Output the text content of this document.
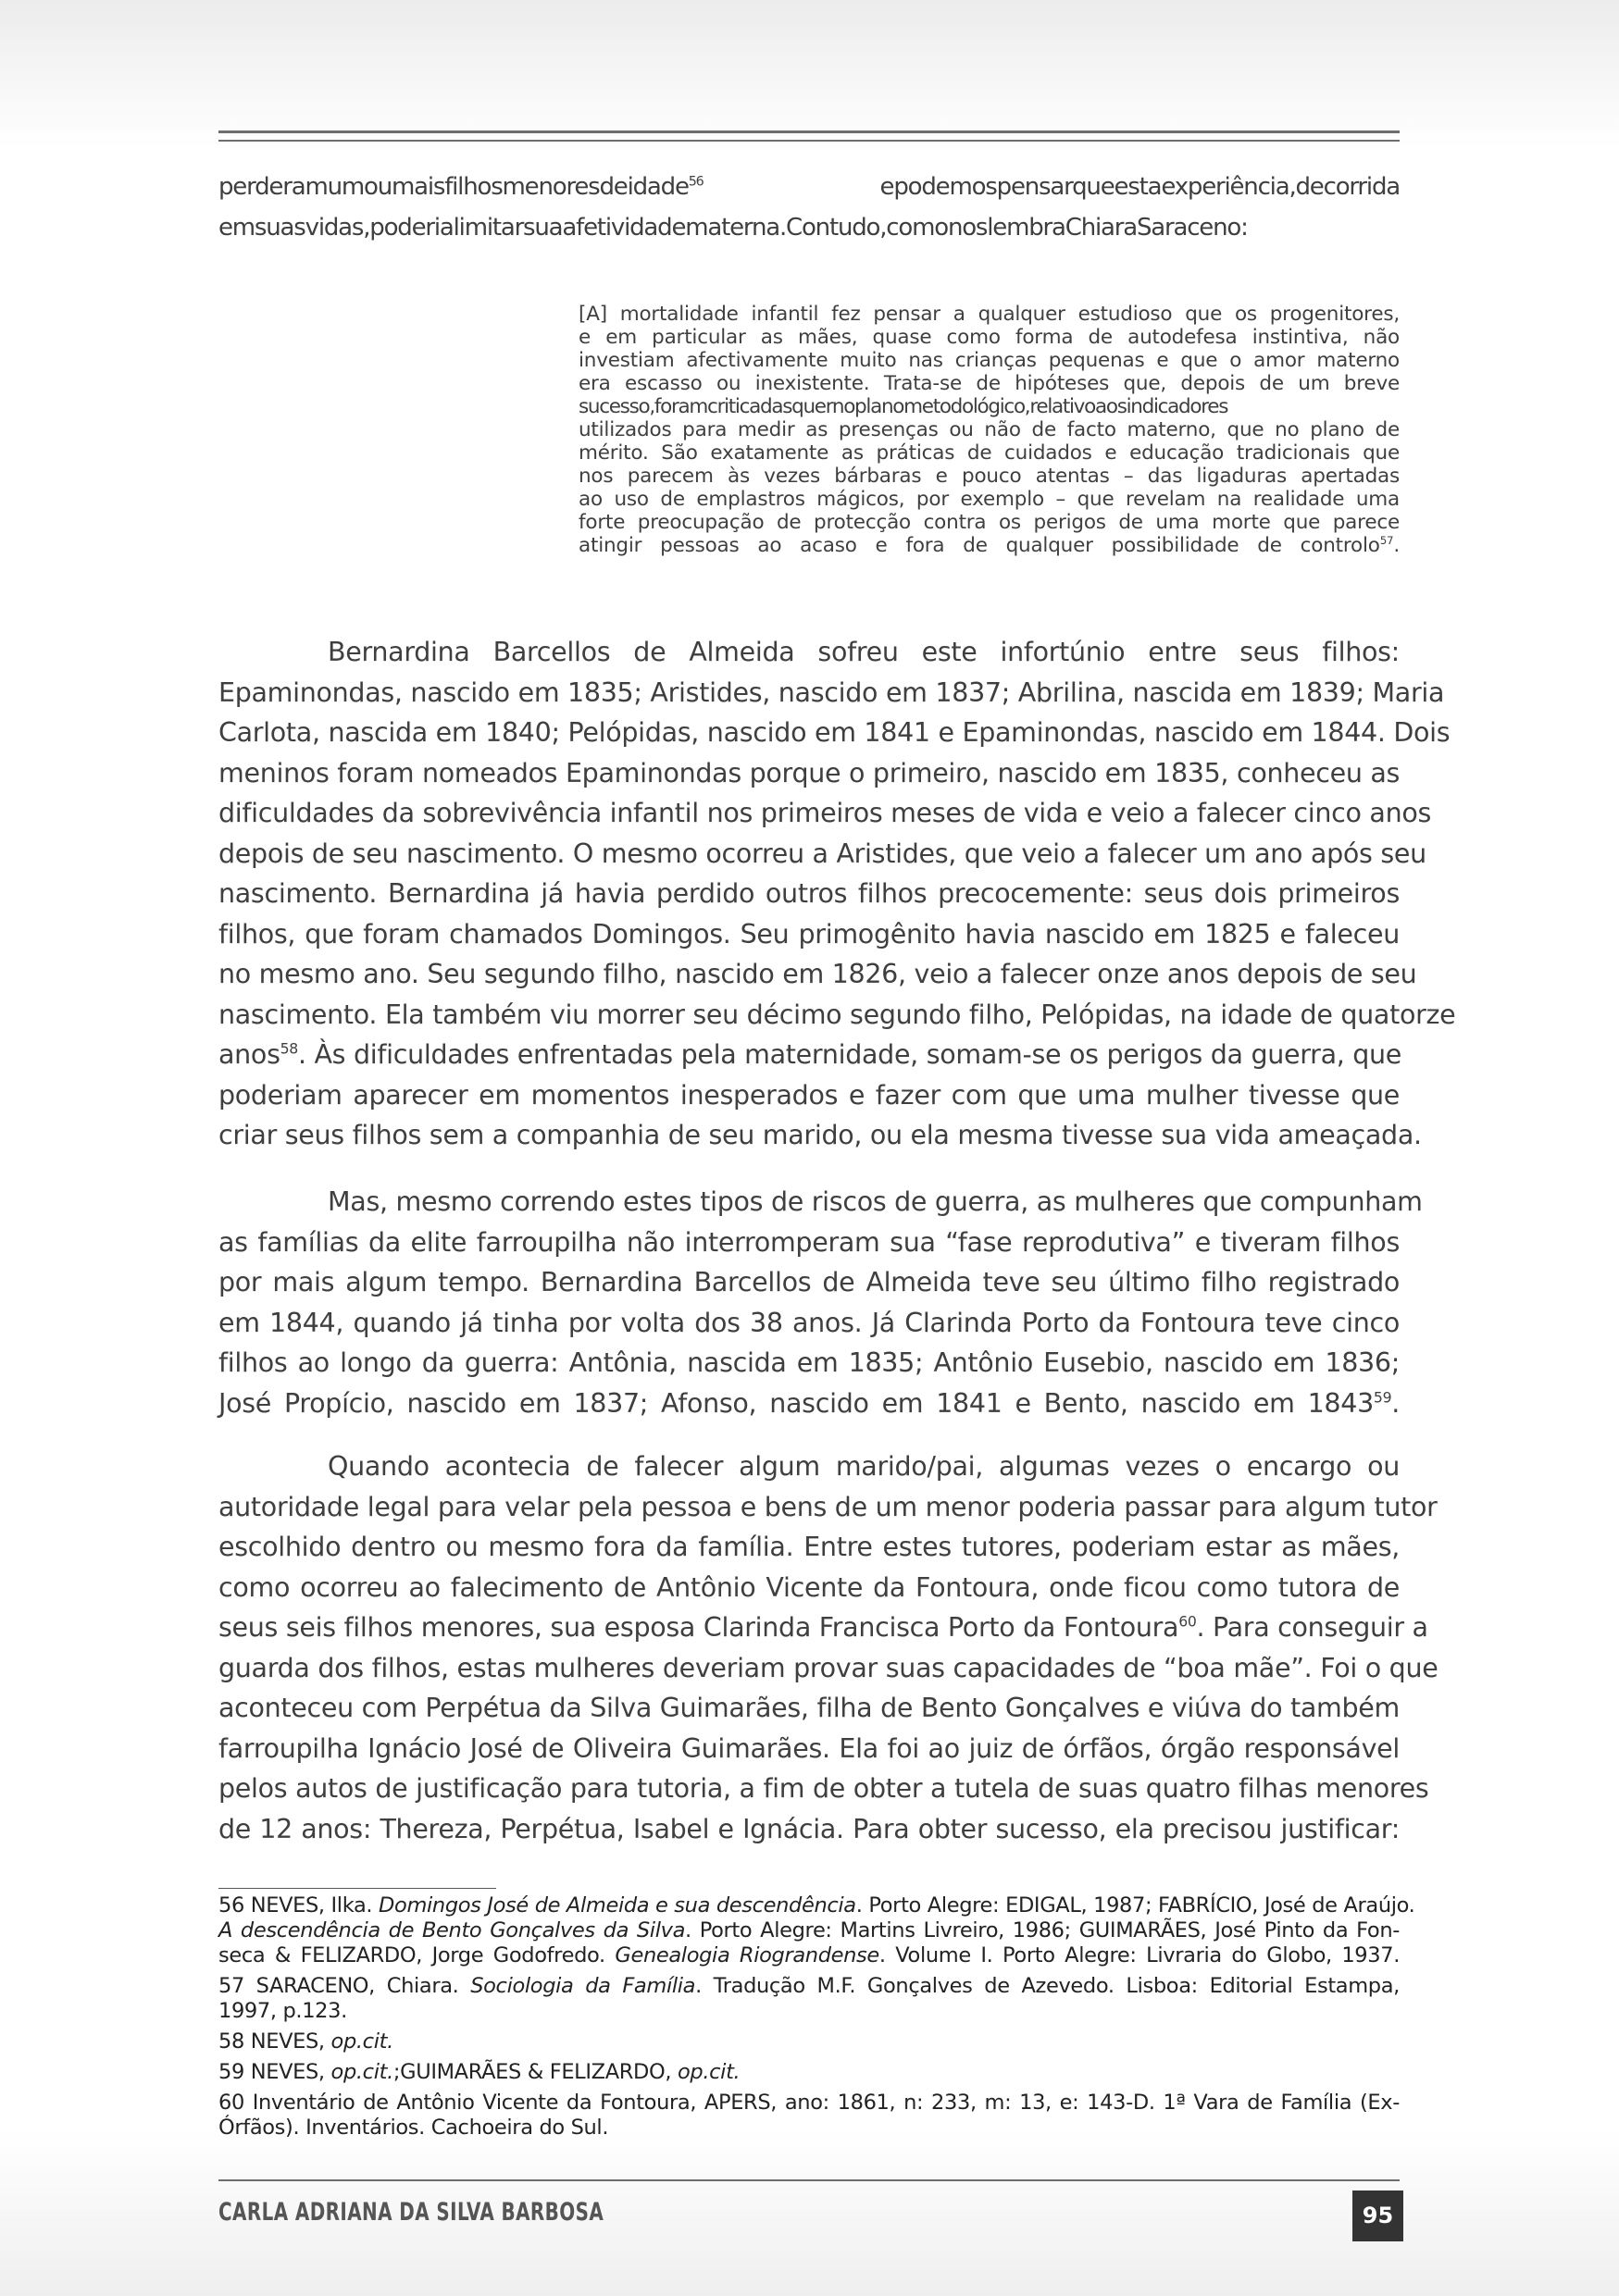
perderamumoumaisfilhosmenoresdeidade$^{56}$ epodemospensarqueestaexperiência,decorrida
emsuasvidas,poderialimitarsuaafetividadematerna.Contudo,comonoslembraChiaraSaraceno:
[A] mortalidade infantil fez pensar a qualquer estudioso que os progenitores,
e em particular as mães, quase como forma de autodefesa instintiva, não
investiam afectivamente muito nas crianças pequenas e que o amor materno
era escasso ou inexistente. Trata-se de hipóteses que, depois de um breve
sucesso,foramcriticadasquernoplanometodológico,relativoaosindicadores
utilizados para medir as presenças ou não de facto materno, que no plano de
mérito. São exatamente as práticas de cuidados e educação tradicionais que
nos parecem às vezes bárbaras e pouco atentas – das ligaduras apertadas
ao uso de emplastros mágicos, por exemplo – que revelam na realidade uma
forte preocupação de protecção contra os perigos de uma morte que parece
atingir pessoas ao acaso e fora de qualquer possibilidade de controlo$^{57}$.
Bernardina Barcellos de Almeida sofreu este infortúnio entre seus filhos:
Epaminondas, nascido em 1835; Aristides, nascido em 1837; Abrilina, nascida em 1839; Maria
Carlota, nascida em 1840; Pelópidas, nascido em 1841 e Epaminondas, nascido em 1844. Dois
meninos foram nomeados Epaminondas porque o primeiro, nascido em 1835, conheceu as
dificuldades da sobrevivência infantil nos primeiros meses de vida e veio a falecer cinco anos
depois de seu nascimento. O mesmo ocorreu a Aristides, que veio a falecer um ano após seu
nascimento. Bernardina já havia perdido outros filhos precocemente: seus dois primeiros
filhos, que foram chamados Domingos. Seu primogênito havia nascido em 1825 e faleceu
no mesmo ano. Seu segundo filho, nascido em 1826, veio a falecer onze anos depois de seu
nascimento. Ela também viu morrer seu décimo segundo filho, Pelópidas, na idade de quatorze
anos$^{58}$. Às dificuldades enfrentadas pela maternidade, somam-se os perigos da guerra, que
poderiam aparecer em momentos inesperados e fazer com que uma mulher tivesse que
criar seus filhos sem a companhia de seu marido, ou ela mesma tivesse sua vida ameaçada.
Mas, mesmo correndo estes tipos de riscos de guerra, as mulheres que compunham
as famílias da elite farroupilha não interromperam sua “fase reprodutiva” e tiveram filhos
por mais algum tempo. Bernardina Barcellos de Almeida teve seu último filho registrado
em 1844, quando já tinha por volta dos 38 anos. Já Clarinda Porto da Fontoura teve cinco
filhos ao longo da guerra: Antônia, nascida em 1835; Antônio Eusebio, nascido em 1836;
José Propício, nascido em 1837; Afonso, nascido em 1841 e Bento, nascido em 1843$^{59}$.
Quando acontecia de falecer algum marido/pai, algumas vezes o encargo ou
autoridade legal para velar pela pessoa e bens de um menor poderia passar para algum tutor
escolhido dentro ou mesmo fora da família. Entre estes tutores, poderiam estar as mães,
como ocorreu ao falecimento de Antônio Vicente da Fontoura, onde ficou como tutora de
seus seis filhos menores, sua esposa Clarinda Francisca Porto da Fontoura$^{60}$. Para conseguir a
guarda dos filhos, estas mulheres deveriam provar suas capacidades de “boa mãe”. Foi o que
aconteceu com Perpétua da Silva Guimarães, filha de Bento Gonçalves e viúva do também
farroupilha Ignácio José de Oliveira Guimarães. Ela foi ao juiz de órfãos, órgão responsável
pelos autos de justificação para tutoria, a fim de obter a tutela de suas quatro filhas menores
de 12 anos: Thereza, Perpétua, Isabel e Ignácia. Para obter sucesso, ela precisou justificar:
56 NEVES, Ilka. Domingos José de Almeida e sua descendência. Porto Alegre: EDIGAL, 1987; FABRÍCIO, José de Araújo.
A descendência de Bento Gonçalves da Silva. Porto Alegre: Martins Livreiro, 1986; GUIMARÃES, José Pinto da Fon-
seca & FELIZARDO, Jorge Godofredo. Genealogia Riograndense. Volume I. Porto Alegre: Livraria do Globo, 1937.
57 SARACENO, Chiara. Sociologia da Família. Tradução M.F. Gonçalves de Azevedo. Lisboa: Editorial Estampa,
1997, p.123.
58 NEVES, op.cit.
59 NEVES, op.cit.;GUIMARÃES & FELIZARDO, op.cit.
60 Inventário de Antônio Vicente da Fontoura, APERS, ano: 1861, n: 233, m: 13, e: 143-D. 1ª Vara de Família (Ex-
Órfãos). Inventários. Cachoeira do Sul.
CARLA ADRIANA DA SILVA BARBOSA	95
